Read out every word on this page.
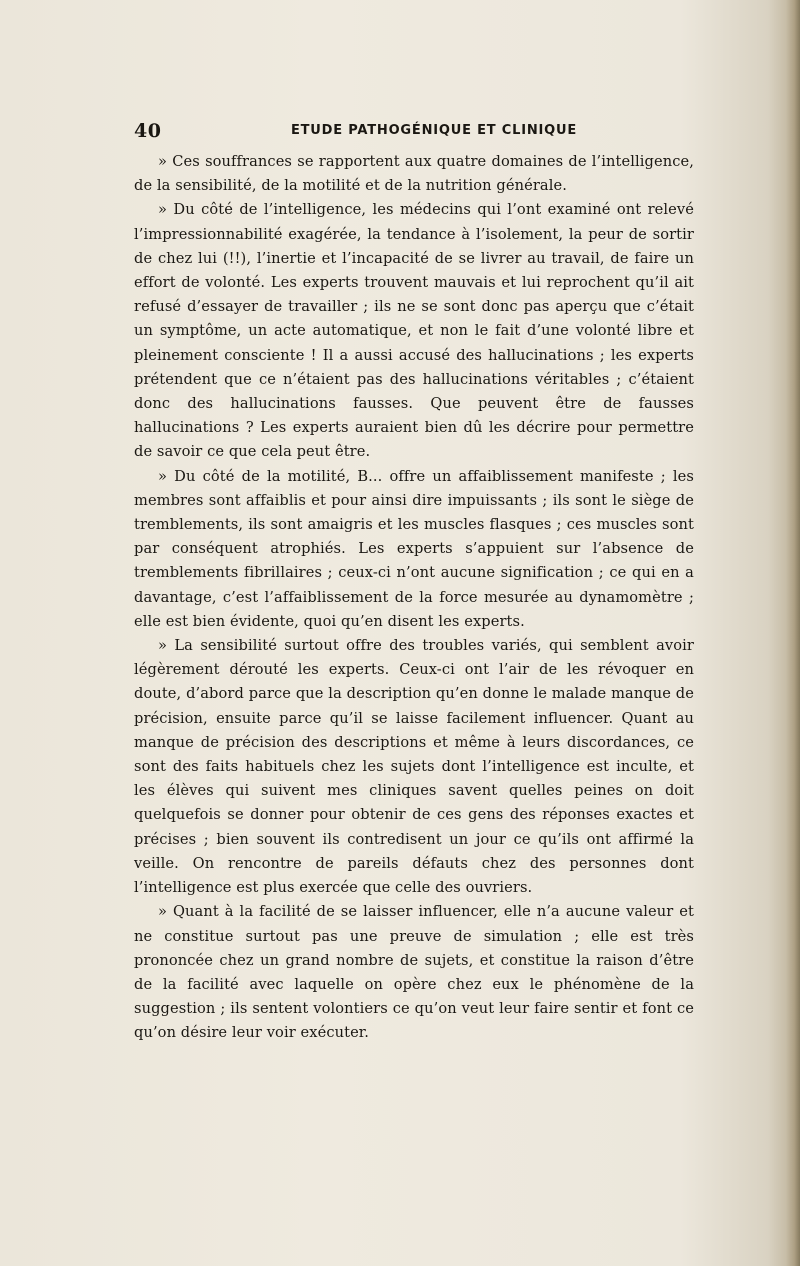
40	ETUDE PATHOGÉNIQUE ET CLINIQUE

» Ces souffrances se rapportent aux quatre domaines de l’intelligence, de la sensibilité, de la motilité et de la nutrition générale.

» Du côté de l’intelligence, les médecins qui l’ont examiné ont relevé l’impressionnabilité exagérée, la tendance à l’isolement, la peur de sortir de chez lui (!!), l’inertie et l’incapacité de se livrer au travail, de faire un effort de volonté. Les experts trouvent mauvais et lui reprochent qu’il ait refusé d’essayer de travailler ; ils ne se sont donc pas aperçu que c’était un symptôme, un acte automatique, et non le fait d’une volonté libre et pleinement consciente ! Il a aussi accusé des hallucinations ; les experts prétendent que ce n’étaient pas des hallucinations véritables ; c’étaient donc des hallucinations fausses. Que peuvent être de fausses hallucinations ? Les experts auraient bien dû les décrire pour permettre de savoir ce que cela peut être.

» Du côté de la motilité, B... offre un affaiblissement manifeste ; les membres sont affaiblis et pour ainsi dire impuissants ; ils sont le siège de tremblements, ils sont amaigris et les muscles flasques ; ces muscles sont par conséquent atrophiés. Les experts s’appuient sur l’absence de tremblements fibrillaires ; ceux-ci n’ont aucune signification ; ce qui en a davantage, c’est l’affaiblissement de la force mesurée au dynamomètre ; elle est bien évidente, quoi qu’en disent les experts.

» La sensibilité surtout offre des troubles variés, qui semblent avoir légèrement dérouté les experts. Ceux-ci ont l’air de les révoquer en doute, d’abord parce que la description qu’en donne le malade manque de précision, ensuite parce qu’il se laisse facilement influencer. Quant au manque de précision des descriptions et même à leurs discordances, ce sont des faits habituels chez les sujets dont l’intelligence est inculte, et les élèves qui suivent mes cliniques savent quelles peines on doit quelquefois se donner pour obtenir de ces gens des réponses exactes et précises ; bien souvent ils contredisent un jour ce qu’ils ont affirmé la veille. On rencontre de pareils défauts chez des personnes dont l’intelligence est plus exercée que celle des ouvriers.

» Quant à la facilité de se laisser influencer, elle n’a aucune valeur et ne constitue surtout pas une preuve de simulation ; elle est très prononcée chez un grand nombre de sujets, et constitue la raison d’être de la facilité avec laquelle on opère chez eux le phénomène de la suggestion ; ils sentent volontiers ce qu’on veut leur faire sentir et font ce qu’on désire leur voir exécuter.
